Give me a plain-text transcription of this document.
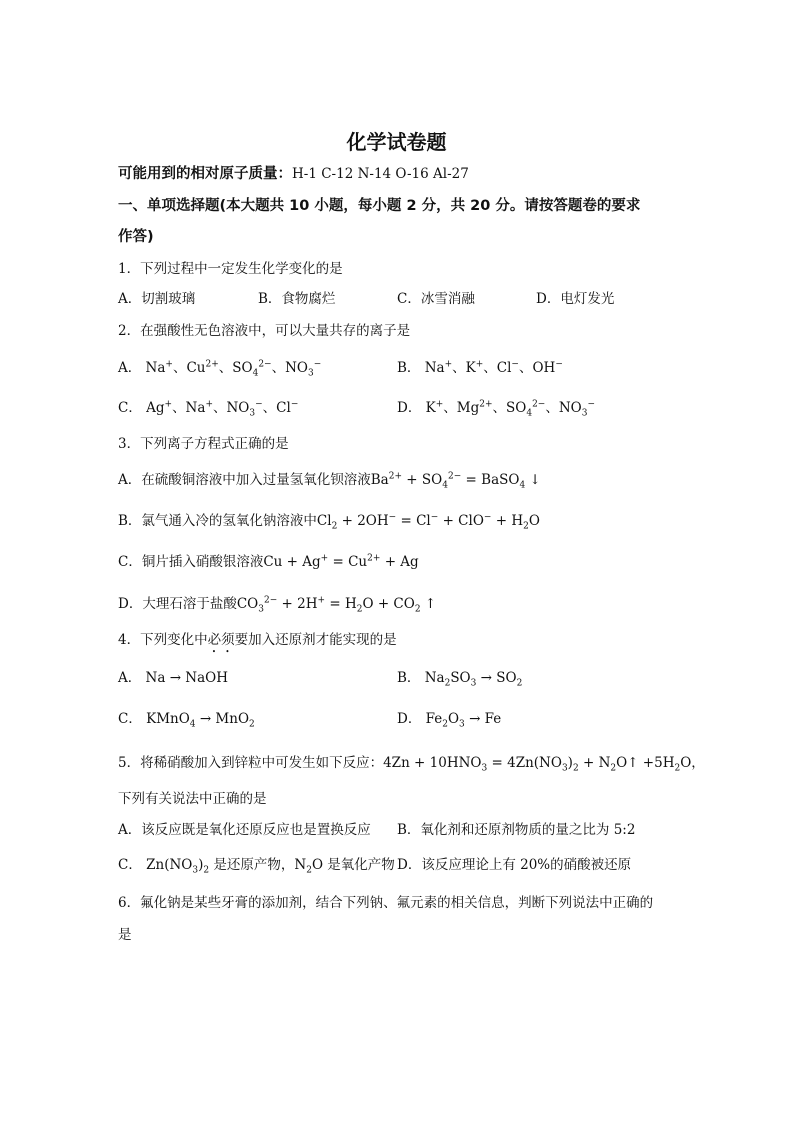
化学试卷题
可能用到的相对原子质量：H-1 C-12 N-14 O-16 Al-27
一、单项选择题(本大题共 10 小题，每小题 2 分，共 20 分。请按答题卷的要求
作答)
1．下列过程中一定发生化学变化的是
A．切割玻璃	B．食物腐烂	C．冰雪消融	D．电灯发光
2．在强酸性无色溶液中，可以大量共存的离子是
A． Na+、$Cu^{2+}$、$SO_4^{2-}$、$NO_3^-$	B． Na+、K+、Cl−、OH−
C． Ag+、Na+、$NO_3^-$、Cl−	D． K+、$Mg^{2+}$、$SO_4^{2-}$、$NO_3^-$
3．下列离子方程式正确的是
A．在硫酸铜溶液中加入过量氢氧化钡溶液$Ba^{2+} + SO_4^{2-}$ = BaSO$_4$ ↓
B．氯气通入冷的氢氧化钠溶液中$Cl_2 + 2OH^- = Cl^- + ClO^- + H_2O$
C．铜片插入硝酸银溶液$Cu + Ag^+ = Cu^{2+} + Ag$
D．大理石溶于盐酸$CO_3^{2-} + 2H^+ = H_2O + CO_2$ ↑
4．下列变化中必须要加入还原剂才能实现的是
A． Na → NaOH	B． $Na_2SO_3 \to SO_2$
C． KMnO$_4$ → MnO$_2$	D． $Fe_2O_3 \to Fe$
5．将稀硝酸加入到锌粒中可发生如下反应：$4Zn + 10HNO_3 = 4Zn(NO_3)_2$ + $N_2O↑ +5H_2O$，
下列有关说法中正确的是
A．该反应既是氧化还原反应也是置换反应 B．氧化剂和还原剂物质的量之比为 5:2
C． $Zn(NO_3)_2$ 是还原产物，$N_2O$ 是氧化产物 D．该反应理论上有 20%的硝酸被还原
6．氟化钠是某些牙膏的添加剂，结合下列钠、氟元素的相关信息，判断下列说法中正确的
是
